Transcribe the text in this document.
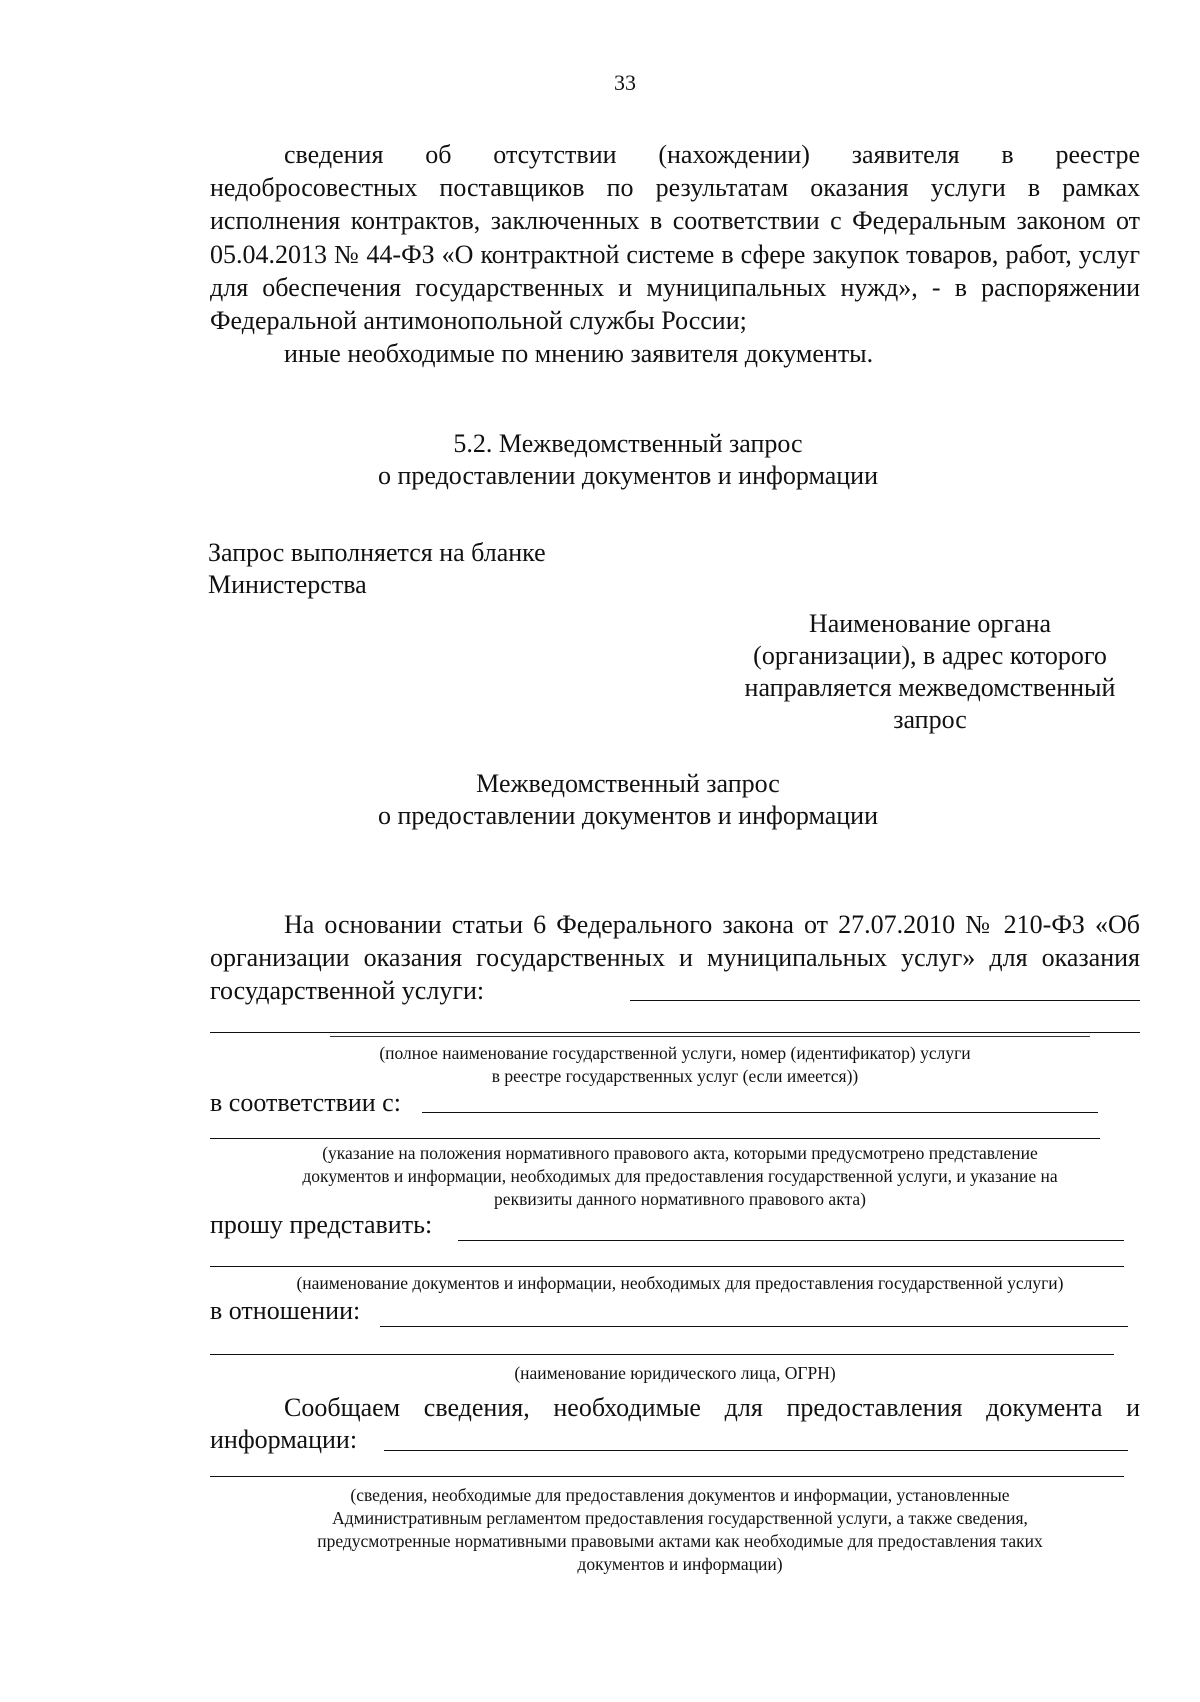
33

сведения об отсутствии (нахождении) заявителя в реестре недобросовестных поставщиков по результатам оказания услуги в рамках исполнения контрактов, заключенных в соответствии с Федеральным законом от 05.04.2013 № 44-ФЗ «О контрактной системе в сфере закупок товаров, работ, услуг для обеспечения государственных и муниципальных нужд», - в распоряжении Федеральной антимонопольной службы России;

иные необходимые по мнению заявителя документы.

5.2. Межведомственный запрос
о предоставлении документов и информации
Запрос выполняется на бланке
Министерства
Наименование органа
(организации), в адрес которого
направляется межведомственный
запрос
Межведомственный запрос
о предоставлении документов и информации

На основании статьи 6 Федерального закона от 27.07.2010 № 210-ФЗ «Об организации оказания государственных и муниципальных услуг» для оказания государственной услуги:

(полное наименование государственной услуги, номер (идентификатор) услуги
в реестре государственных услуг (если имеется))
в соответствии с:
(указание на положения нормативного правового акта, которыми предусмотрено представление
документов и информации, необходимых для предоставления государственной услуги, и указание на
реквизиты данного нормативного правового акта)
прошу представить:
(наименование документов и информации, необходимых для предоставления государственной услуги)
в отношении:
(наименование юридического лица, ОГРН)
Сообщаем сведения, необходимые для предоставления документа и
информации:
(сведения, необходимые для предоставления документов и информации, установленные
Административным регламентом предоставления государственной услуги, а также сведения,
предусмотренные нормативными правовыми актами как необходимые для предоставления таких
документов и информации)
